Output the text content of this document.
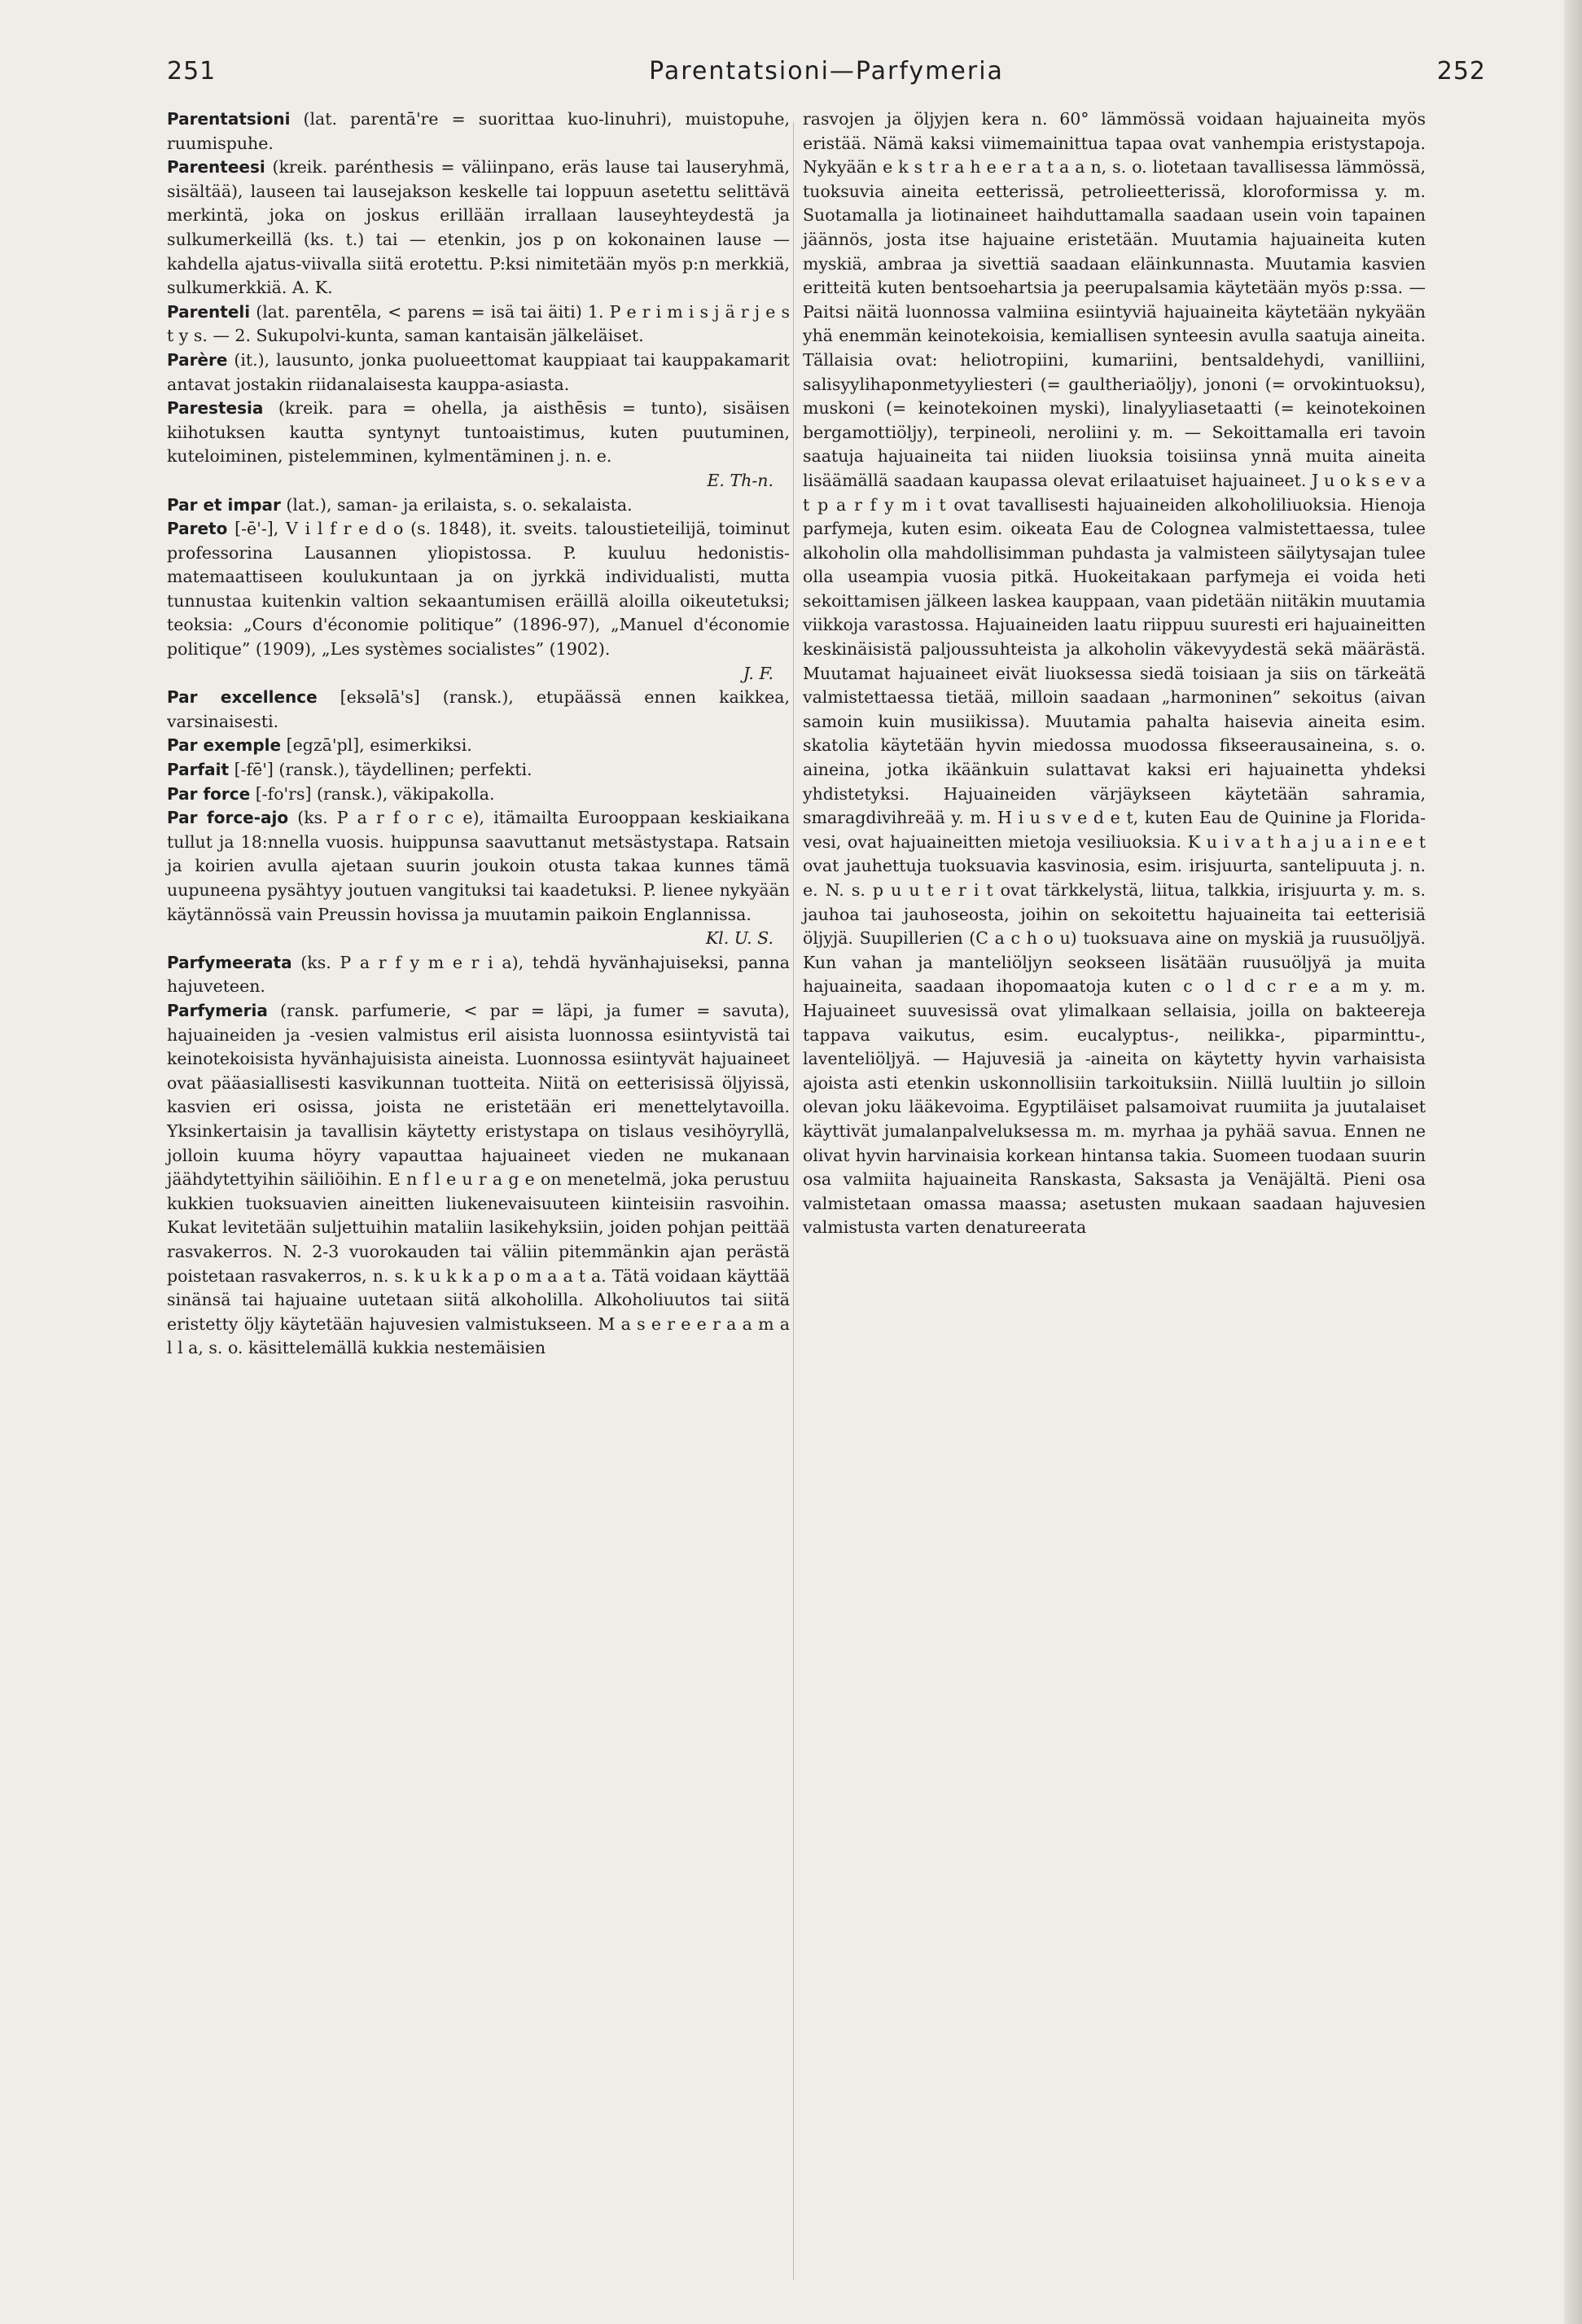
251	Parentatsioni—Parfymeria	252

Parentatsioni (lat. parentā're = suorittaa kuo-linuhri), muistopuhe, ruumispuhe.

Parenteesi (kreik. parénthesis = väliinpano, eräs lause tai lauseryhmä, sisältää), lauseen tai lausejakson keskelle tai loppuun asetettu selittävä merkintä, joka on joskus erillään irrallaan lauseyhteydestä ja sulkumerkeillä (ks. t.) tai — etenkin, jos p on kokonainen lause — kahdella ajatus-viivalla siitä erotettu. P:ksi nimitetään myös p:n merkkiä, sulkumerkkiä. A. K.

Parenteli (lat. parentēla, < parens = isä tai äiti) 1. P e r i m i s j ä r j e s t y s. — 2. Sukupolvi-kunta, saman kantaisän jälkeläiset.

Parère (it.), lausunto, jonka puolueettomat kauppiaat tai kauppakamarit antavat jostakin riidanalaisesta kauppa-asiasta.

Parestesia (kreik. para = ohella, ja aisthēsis = tunto), sisäisen kiihotuksen kautta syntynyt tuntoaistimus, kuten puutuminen, kuteloiminen, pistelemminen, kylmentäminen j. n. e.

E. Th-n.

Par et impar (lat.), saman- ja erilaista, s. o. sekalaista.

Pareto [-ē'-], V i l f r e d o (s. 1848), it. sveits. taloustieteilijä, toiminut professorina Lausannen yliopistossa. P. kuuluu hedonistis-matemaattiseen koulukuntaan ja on jyrkkä individualisti, mutta tunnustaa kuitenkin valtion sekaantumisen eräillä aloilla oikeutetuksi; teoksia: „Cours d'économie politique” (1896-97), „Manuel d'économie politique” (1909), „Les systèmes socialistes” (1902).

J. F.

Par excellence [eksəlā's] (ransk.), etupäässä ennen kaikkea, varsinaisesti.

Par exemple [egzā'pl], esimerkiksi.

Parfait [-fē'] (ransk.), täydellinen; perfekti.

Par force [-fo'rs] (ransk.), väkipakolla.

Par force-ajo (ks. P a r f o r c e), itämailta Eurooppaan keskiaikana tullut ja 18:nnella vuosis. huippunsa saavuttanut metsästystapa. Ratsain ja koirien avulla ajetaan suurin joukoin otusta takaa kunnes tämä uupuneena pysähtyy joutuen vangituksi tai kaadetuksi. P. lienee nykyään käytännössä vain Preussin hovissa ja muutamin paikoin Englannissa.

Kl. U. S.

Parfymeerata (ks. P a r f y m e r i a), tehdä hyvänhajuiseksi, panna hajuveteen.

Parfymeria (ransk. parfumerie, < par = läpi, ja fumer = savuta), hajuaineiden ja -vesien valmistus eril aisista luonnossa esiintyvistä tai keinotekoisista hyvänhajuisista aineista. Luonnossa esiintyvät hajuaineet ovat pääasiallisesti kasvikunnan tuotteita. Niitä on eetterisissä öljyissä, kasvien eri osissa, joista ne eristetään eri menettelytavoilla. Yksinkertaisin ja tavallisin käytetty eristystapa on tislaus vesihöyryllä, jolloin kuuma höyry vapauttaa hajuaineet vieden ne mukanaan jäähdytettyihin säiliöihin. E n f l e u r a g e on menetelmä, joka perustuu kukkien tuoksuavien aineitten liukenevaisuuteen kiinteisiin rasvoihin. Kukat levitetään suljettuihin mataliin lasikehyksiin, joiden pohjan peittää rasvakerros. N. 2-3 vuorokauden tai väliin pitemmänkin ajan perästä poistetaan rasvakerros, n. s. k u k k a p o m a a t a. Tätä voidaan käyttää sinänsä tai hajuaine uutetaan siitä alkoholilla. Alkoholiuutos tai siitä eristetty öljy käytetään hajuvesien valmistukseen. M a s e r e e r a a m a l l a, s. o. käsittelemällä kukkia nestemäisien

rasvojen ja öljyjen kera n. 60° lämmössä voidaan hajuaineita myös eristää. Nämä kaksi viimemainittua tapaa ovat vanhempia eristystapoja. Nykyään e k s t r a h e e r a t a a n, s. o. liotetaan tavallisessa lämmössä, tuoksuvia aineita eetterissä, petrolieetterissä, kloroformissa y. m. Suotamalla ja liotinaineet haihduttamalla saadaan usein voin tapainen jäännös, josta itse hajuaine eristetään. Muutamia hajuaineita kuten myskiä, ambraa ja sivettiä saadaan eläinkunnasta. Muutamia kasvien eritteitä kuten bentsoehartsia ja peerupalsamia käytetään myös p:ssa. — Paitsi näitä luonnossa valmiina esiintyviä hajuaineita käytetään nykyään yhä enemmän keinotekoisia, kemiallisen synteesin avulla saatuja aineita. Tällaisia ovat: heliotropiini, kumariini, bentsaldehydi, vanilliini, salisyylihaponmetyyliesteri (= gaultheriaöljy), jononi (= orvokintuoksu), muskoni (= keinotekoinen myski), linalyyliasetaatti (= keinotekoinen bergamottiöljy), terpineoli, neroliini y. m. — Sekoittamalla eri tavoin saatuja hajuaineita tai niiden liuoksia toisiinsa ynnä muita aineita lisäämällä saadaan kaupassa olevat erilaatuiset hajuaineet. J u o k s e v a t p a r f y m i t ovat tavallisesti hajuaineiden alkoholiliuoksia. Hienoja parfymeja, kuten esim. oikeata Eau de Colognea valmistettaessa, tulee alkoholin olla mahdollisimman puhdasta ja valmisteen säilytysajan tulee olla useampia vuosia pitkä. Huokeitakaan parfymeja ei voida heti sekoittamisen jälkeen laskea kauppaan, vaan pidetään niitäkin muutamia viikkoja varastossa. Hajuaineiden laatu riippuu suuresti eri hajuaineitten keskinäisistä paljoussuhteista ja alkoholin väkevyydestä sekä määrästä. Muutamat hajuaineet eivät liuoksessa siedä toisiaan ja siis on tärkeätä valmistettaessa tietää, milloin saadaan „harmoninen” sekoitus (aivan samoin kuin musiikissa). Muutamia pahalta haisevia aineita esim. skatolia käytetään hyvin miedossa muodossa fikseerausaineina, s. o. aineina, jotka ikäänkuin sulattavat kaksi eri hajuainetta yhdeksi yhdistetyksi. Hajuaineiden värjäykseen käytetään sahramia, smaragdivihreää y. m. H i u s v e d e t, kuten Eau de Quinine ja Florida-vesi, ovat hajuaineitten mietoja vesiliuoksia. K u i v a t h a j u a i n e e t ovat jauhettuja tuoksuavia kasvinosia, esim. irisjuurta, santelipuuta j. n. e. N. s. p u u t e r i t ovat tärkkelystä, liitua, talkkia, irisjuurta y. m. s. jauhoa tai jauhoseosta, joihin on sekoitettu hajuaineita tai eetterisiä öljyjä. Suupillerien (C a c h o u) tuoksuava aine on myskiä ja ruusuöljyä. Kun vahan ja manteliöljyn seokseen lisätään ruusuöljyä ja muita hajuaineita, saadaan ihopomaatoja kuten c o l d c r e a m y. m. Hajuaineet suuvesissä ovat ylimalkaan sellaisia, joilla on bakteereja tappava vaikutus, esim. eucalyptus-, neilikka-, piparminttu-, laventeliöljyä. — Hajuvesiä ja -aineita on käytetty hyvin varhaisista ajoista asti etenkin uskonnollisiin tarkoituksiin. Niillä luultiin jo silloin olevan joku lääkevoima. Egyptiläiset palsamoivat ruumiita ja juutalaiset käyttivät jumalanpalveluksessa m. m. myrhaa ja pyhää savua. Ennen ne olivat hyvin harvinaisia korkean hintansa takia. Suomeen tuodaan suurin osa valmiita hajuaineita Ranskasta, Saksasta ja Venäjältä. Pieni osa valmistetaan omassa maassa; asetusten mukaan saadaan hajuvesien valmistusta varten denatureerata
